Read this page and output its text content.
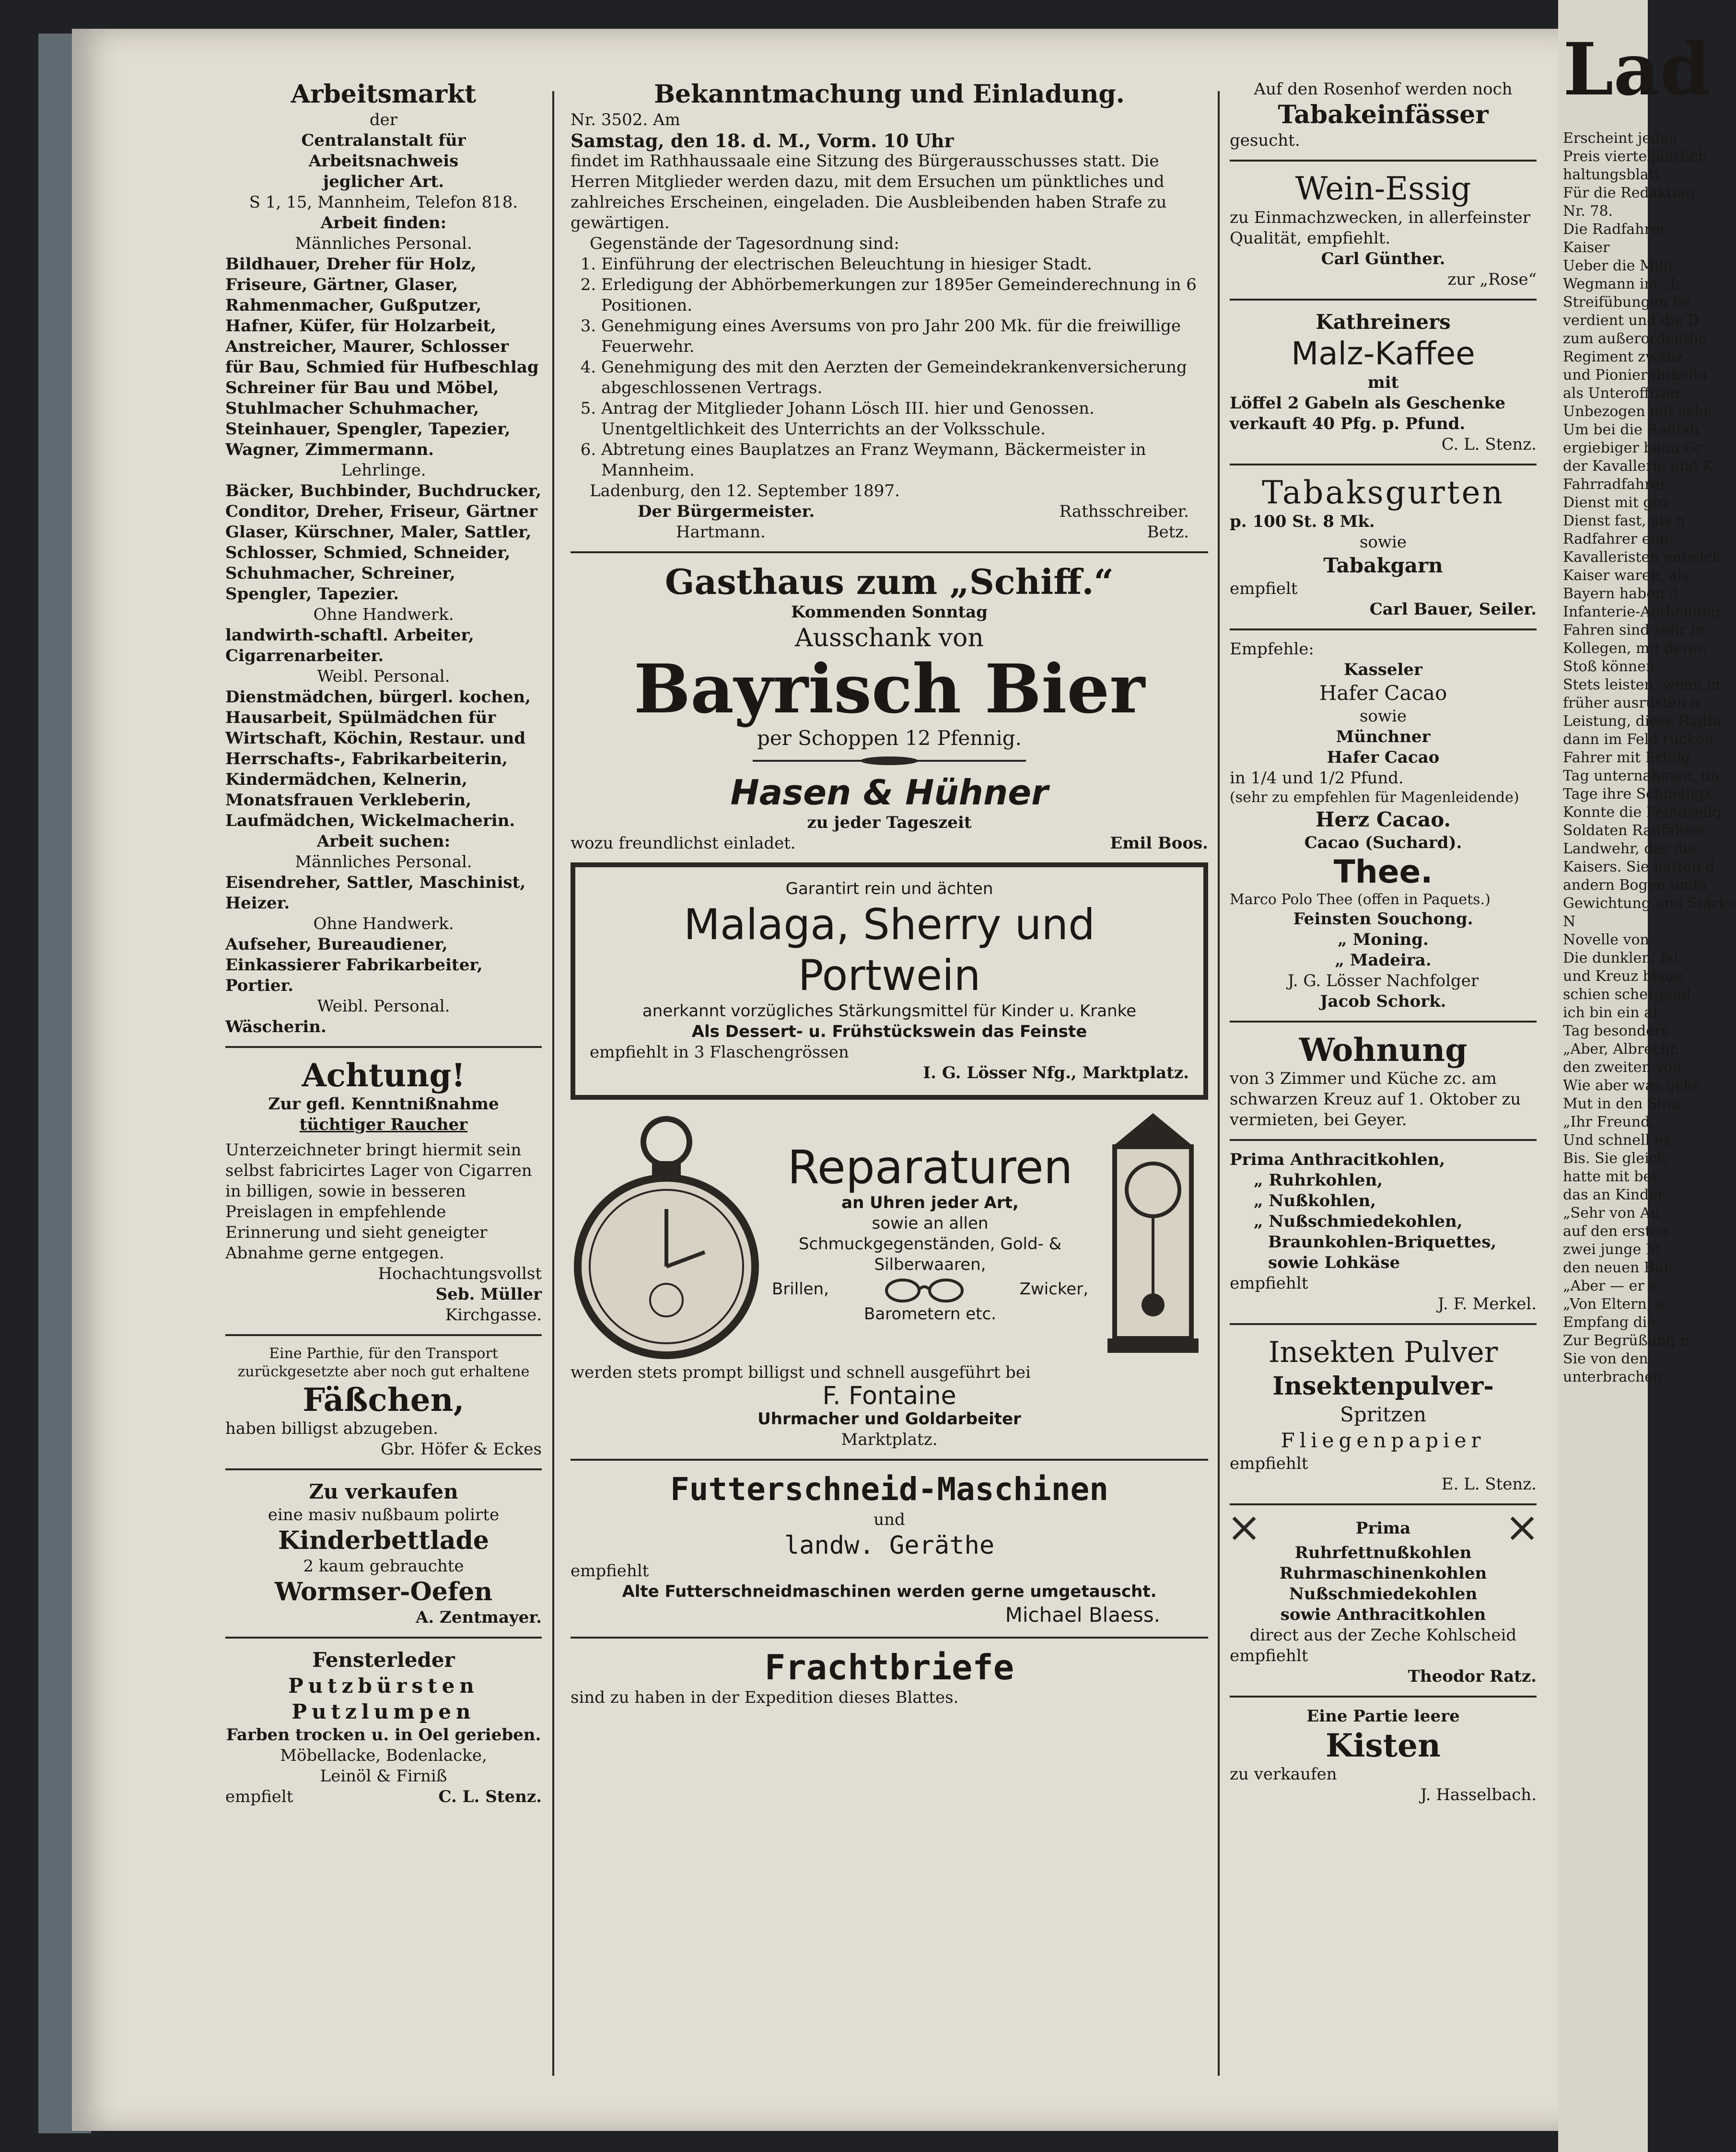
Arbeitsmarkt
der
Centralanstalt für Arbeitsnachweis
jeglicher Art.
S 1, 15, Mannheim, Telefon 818.
Arbeit finden:
Männliches Personal.
Bildhauer, Dreher für Holz, Friseure, Gärtner, Glaser, Rahmenmacher, Gußputzer, Hafner, Küfer, für Holzarbeit, Anstreicher, Maurer, Schlosser für Bau, Schmied für Hufbeschlag Schreiner für Bau und Möbel, Stuhlmacher Schuhmacher, Steinhauer, Spengler, Tapezier, Wagner, Zimmermann.
Lehrlinge.
Bäcker, Buchbinder, Buchdrucker, Conditor, Dreher, Friseur, Gärtner Glaser, Kürschner, Maler, Sattler, Schlosser, Schmied, Schneider, Schuhmacher, Schreiner, Spengler, Tapezier.
Ohne Handwerk.
landwirth-schaftl. Arbeiter, Cigarrenarbeiter.
Weibl. Personal.
Dienstmädchen, bürgerl. kochen, Hausarbeit, Spülmädchen für Wirtschaft, Köchin, Restaur. und Herrschafts-, Fabrikarbeiterin, Kindermädchen, Kelnerin, Monatsfrauen Verkleberin, Laufmädchen, Wickelmacherin.
Arbeit suchen:
Männliches Personal.
Eisendreher, Sattler, Maschinist, Heizer.
Ohne Handwerk.
Aufseher, Bureaudiener, Einkassierer Fabrikarbeiter, Portier.
Weibl. Personal.
Wäscherin.
Achtung!
Zur gefl. Kenntnißnahme
tüchtiger Raucher
Unterzeichneter bringt hiermit sein selbst fabricirtes Lager von Cigarren in billigen, sowie in besseren Preislagen in empfehlende Erinnerung und sieht geneigter Abnahme gerne entgegen.
Hochachtungsvollst
Seb. Müller
Kirchgasse.
Eine Parthie, für den Transport zurückgesetzte aber noch gut erhaltene
Fäßchen,
haben billigst abzugeben.
Gbr. Höfer & Eckes
Zu verkaufen
eine masiv nußbaum polirte
Kinderbettlade
2 kaum gebrauchte
Wormser-Oefen
A. Zentmayer.
Fensterleder
Putzbürsten
Putzlumpen
Farben trocken u. in Oel gerieben.
Möbellacke, Bodenlacke,
Leinöl & Firniß
empfielt	C. L. Stenz.
Bekanntmachung und Einladung.
Nr. 3502. Am
Samstag, den 18. d. M., Vorm. 10 Uhr
findet im Rathhaussaale eine Sitzung des Bürgerausschusses statt. Die Herren Mitglieder werden dazu, mit dem Ersuchen um pünktliches und zahlreiches Erscheinen, eingeladen. Die Ausbleibenden haben Strafe zu gewärtigen.
Gegenstände der Tagesordnung sind:
1. Einführung der electrischen Beleuchtung in hiesiger Stadt.
2. Erledigung der Abhörbemerkungen zur 1895er Gemeinderechnung in 6 Positionen.
3. Genehmigung eines Aversums von pro Jahr 200 Mk. für die freiwillige Feuerwehr.
4. Genehmigung des mit den Aerzten der Gemeindekrankenversicherung abgeschlossenen Vertrags.
5. Antrag der Mitglieder Johann Lösch III. hier und Genossen. Unentgeltlichkeit des Unterrichts an der Volksschule.
6. Abtretung eines Bauplatzes an Franz Weymann, Bäckermeister in Mannheim.
Ladenburg, den 12. September 1897.
Der Bürgermeister.	Rathsschreiber.
Hartmann.	Betz.
Gasthaus zum „Schiff.“
Kommenden Sonntag
Ausschank von
Bayrisch Bier
per Schoppen 12 Pfennig.
Hasen & Hühner
zu jeder Tageszeit
wozu freundlichst einladet.	Emil Boos.
Garantirt rein und ächten
Malaga, Sherry und Portwein
anerkannt vorzügliches Stärkungsmittel für Kinder u. Kranke
Als Dessert- u. Frühstückswein das Feinste
empfiehlt in 3 Flaschengrössen
I. G. Lösser Nfg., Marktplatz.
Reparaturen
an Uhren jeder Art,
sowie an allen Schmuckgegenständen, Gold- & Silberwaaren,
Brillen,	Zwicker,
Barometern etc.
werden stets prompt billigst und schnell ausgeführt bei
F. Fontaine
Uhrmacher und Goldarbeiter
Marktplatz.
Futterschneid-Maschinen
und
landw. Geräthe
empfiehlt
Alte Futterschneidmaschinen werden gerne umgetauscht.
Michael Blaess.
Frachtbriefe
sind zu haben in der Expedition dieses Blattes.
Auf den Rosenhof werden noch
Tabakeinfässer
gesucht.
Wein-Essig
zu Einmachzwecken, in allerfeinster Qualität, empfiehlt.
Carl Günther.
zur „Rose“
Kathreiners
Malz-Kaffee
mit
Löffel 2 Gabeln als Geschenke verkauft 40 Pfg. p. Pfund.
C. L. Stenz.
Tabaksgurten
p. 100 St. 8 Mk.
sowie
Tabakgarn
empfielt
Carl Bauer, Seiler.
Empfehle:
Kasseler
Hafer Cacao
sowie
Münchner
Hafer Cacao
in 1/4 und 1/2 Pfund.
(sehr zu empfehlen für Magenleidende)
Herz Cacao.
Cacao (Suchard).
Thee.
Marco Polo Thee (offen in Paquets.)
Feinsten Souchong.
„ Moning.
„ Madeira.
J. G. Lösser Nachfolger
Jacob Schork.
Wohnung
von 3 Zimmer und Küche zc. am schwarzen Kreuz auf 1. Oktober zu vermieten, bei Geyer.
Prima Anthracitkohlen,
„ Ruhrkohlen,
„ Nußkohlen,
„ Nußschmiedekohlen,
Braunkohlen-Briquettes,
sowie Lohkäse
empfiehlt
J. F. Merkel.
Insekten Pulver
Insektenpulver-
Spritzen
Fliegenpapier
empfiehlt
E. L. Stenz.
Prima
Ruhrfettnußkohlen
Ruhrmaschinenkohlen
Nußschmiedekohlen
sowie Anthracitkohlen
direct aus der Zeche Kohlscheid
empfiehlt
Theodor Ratz.
Eine Partie leere
Kisten
zu verkaufen
J. Hasselbach.
Lad
Erscheint jeden
Preis vierteljährlich
haltungsblatt
Für die Redaktion
Nr. 78.
Die Radfahrer
Kaiser
Ueber die Milit
Wegmann im „L
Streifübungen be
verdient und die D
zum außerordentlic
Regiment zwanz
und Pionierabtheilu
als Unteroffizier
Unbezogen mit sehr
Um bei die Radfah
ergiebiger beim Gr
der Kavallerie und K
Fahrradfahrer
Dienst mit gro
Dienst fast, als n
Radfahrer eine
Kavalleristen entwick
Kaiser waren, als
Bayern haben d
Infanterie-Abtheilung
Fahren sind sehr re
Kollegen, mit deren
Stoß können.
Stets leisten, wenn m
früher ausrüsten n
Leistung, diese Radfa
dann im Feld rücken,
Fahrer mit Erfolg
Tag unternahmen, un
Tage ihre Schnelligk
Konnte die Feindselig
Soldaten Radfahrer
Landwehr, das die
Kaisers. Sie hatten d
andern Bogen umfa
Gewichtung und Stärke
N
Novelle von
Die dunklen, fal
und Kreuz blaue
schien schergend
ich bin ein al
Tag besonders
„Aber, Albrecht,
den zweiten von
Wie aber was gehe
Mut in den Sinn
„Ihr Freund,
Und schnell es
Bis. Sie gleich
hatte mit bei
das an Kinder
„Sehr von Au
auf den ersten
zwei junge M
den neuen Bun
„Aber — er s
„Von Eltern, a
Empfang die
Zur Begrüßung n
Sie von den
unterbrachen.
